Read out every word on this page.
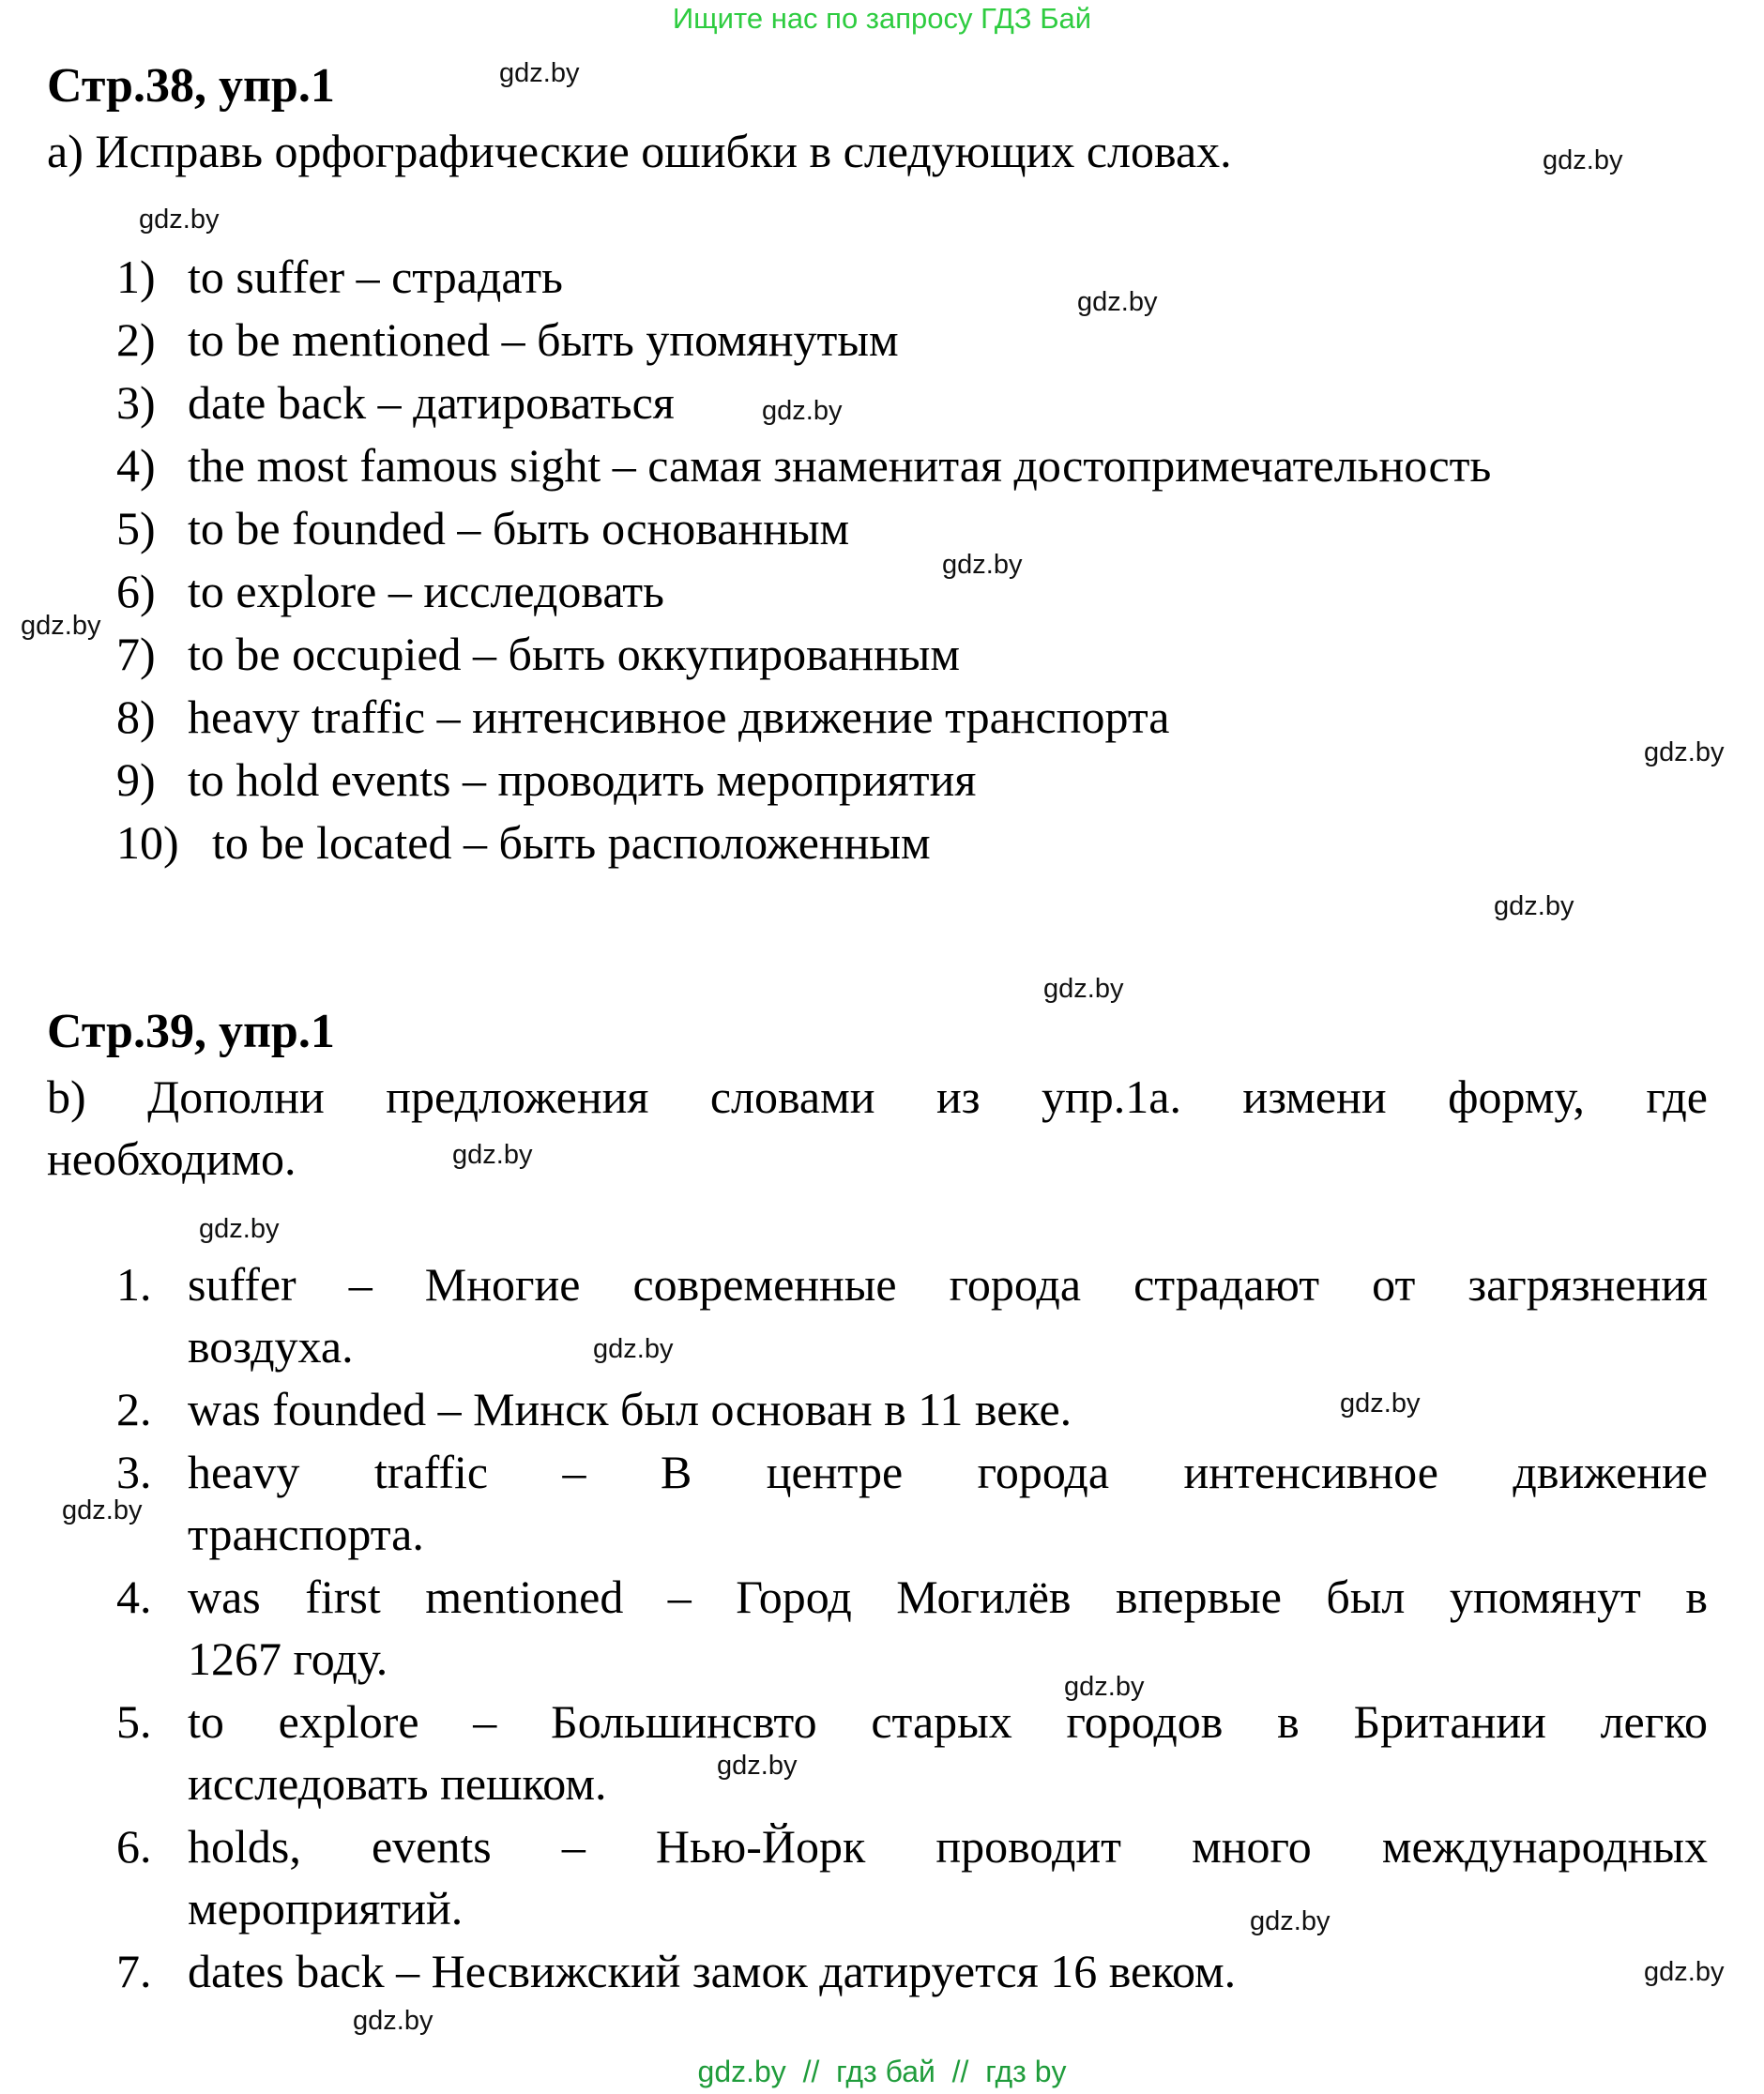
Ищите нас по запросу ГДЗ Бай
Стр.38, упр.1
а) Исправь орфографические ошибки в следующих словах.
1) to suffer – страдать
2) to be mentioned – быть упомянутым
3) date back – датироваться
4) the most famous sight – самая знаменитая достопримечательность
5) to be founded – быть основанным
6) to explore – исследовать
7) to be occupied – быть оккупированным
8) heavy traffic – интенсивное движение транспорта
9) to hold events – проводить мероприятия
10) to be located – быть расположенным
Стр.39, упр.1
b) Дополни предложения словами из упр.1а. измени форму, где
необходимо.
1. suffer – Многие современные города страдают от загрязнения
воздуха.
2. was founded – Минск был основан в 11 веке.
3. heavy traffic – В центре города интенсивное движение
транспорта.
4. was first mentioned – Город Могилёв впервые был упомянут в
1267 году.
5. to explore – Большинсвто старых городов в Британии легко
исследовать пешком.
6. holds, events – Нью-Йорк проводит много международных
мероприятий.
7. dates back – Несвижский замок датируется 16 веком.
gdz.by
gdz.by
gdz.by
gdz.by
gdz.by
gdz.by
gdz.by
gdz.by
gdz.by
gdz.by
gdz.by
gdz.by
gdz.by
gdz.by
gdz.by
gdz.by
gdz.by
gdz.by
gdz.by
gdz.by
gdz.by  //  гдз бай  //  гдз by
